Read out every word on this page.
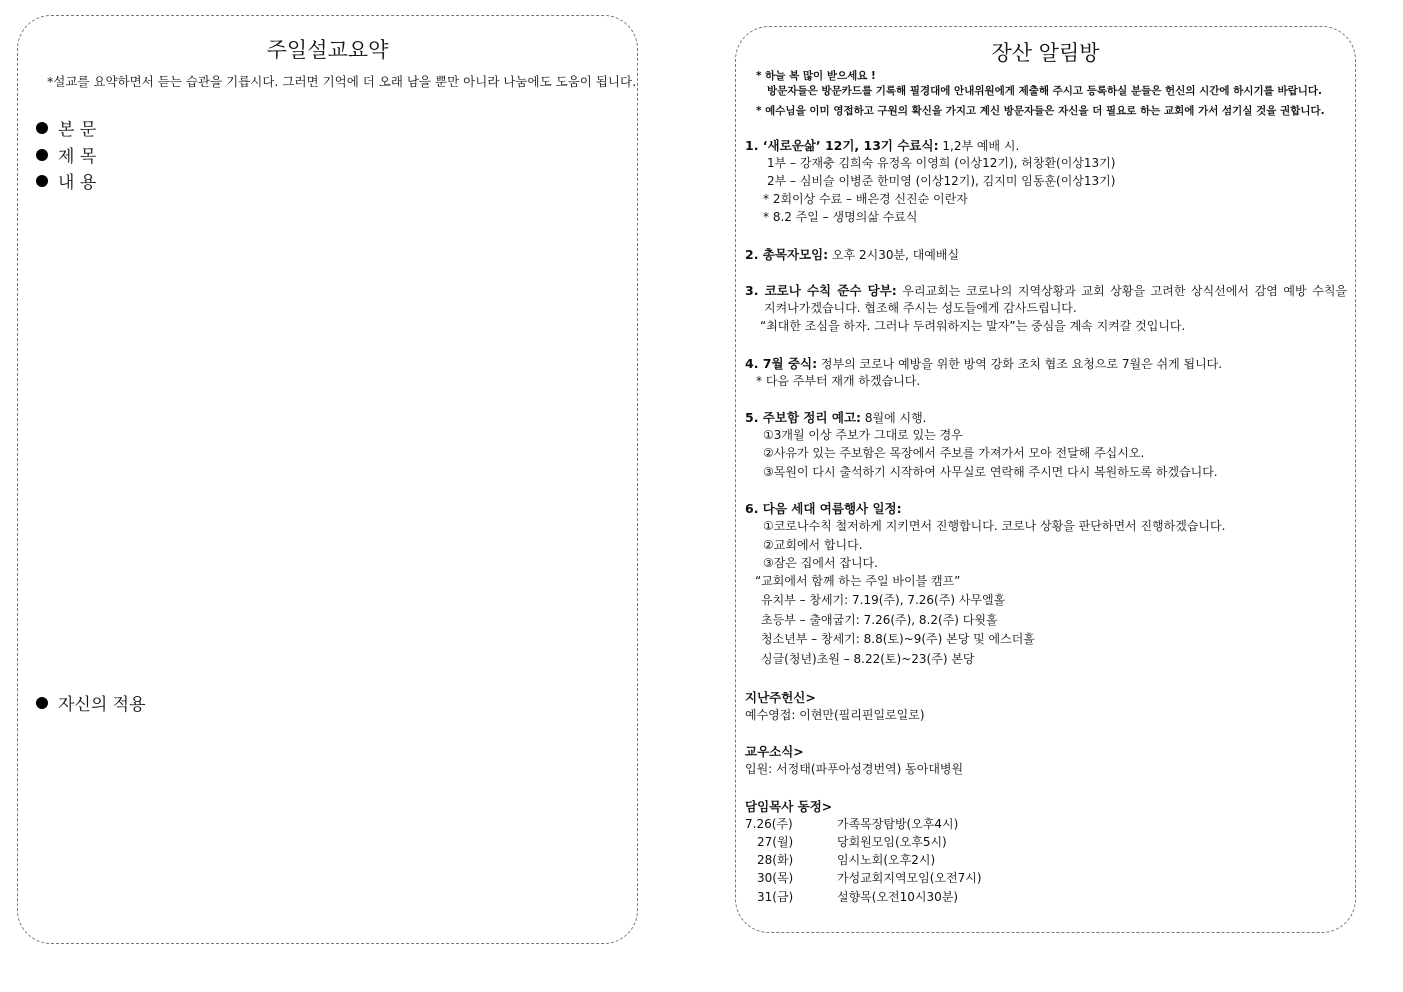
주일설교요약
*설교를 요약하면서 듣는 습관을 기릅시다. 그러면 기억에 더 오래 남을 뿐만 아니라 나눔에도 도움이 됩니다.
본 문
제 목
내 용
자신의 적용
장산 알림방
* 하늘 복 많이 받으세요 !
방문자들은 방문카드를 기록해 필경대에 안내위원에게 제출해 주시고 등록하실 분들은 헌신의 시간에 하시기를 바랍니다.
* 예수님을 이미 영접하고 구원의 확신을 가지고 계신 방문자들은 자신을 더 필요로 하는 교회에 가서 섬기실 것을 권합니다.
1. ‘새로운삶’ 12기, 13기 수료식: 1,2부 예배 시.
1부 – 강재충 김희숙 유정옥 이영희 (이상12기), 허창환(이상13기)
2부 – 심비슬 이병준 한미영 (이상12기), 김지미 임동훈(이상13기)
* 2회이상 수료 – 배은경 신진순 이란자
* 8.2 주일 – 생명의삶 수료식
2. 총목자모임: 오후 2시30분, 대예배실
3. 코로나 수칙 준수 당부: 우리교회는 코로나의 지역상황과 교회 상황을 고려한 상식선에서 감염 예방 수칙을
지켜나가겠습니다. 협조해 주시는 성도들에게 감사드립니다.
“최대한 조심을 하자. 그러나 두려워하지는 말자”는 중심을 계속 지켜갈 것입니다.
4. 7월 중식: 정부의 코로나 예방을 위한 방역 강화 조치 협조 요청으로 7월은 쉬게 됩니다.
* 다음 주부터 재개 하겠습니다.
5. 주보함 정리 예고: 8월에 시행.
①3개월 이상 주보가 그대로 있는 경우
②사유가 있는 주보함은 목장에서 주보를 가져가서 모아 전달해 주십시오.
③목원이 다시 출석하기 시작하여 사무실로 연락해 주시면 다시 복원하도록 하겠습니다.
6. 다음 세대 여름행사 일정:
①코로나수칙 철저하게 지키면서 진행합니다. 코로나 상황을 판단하면서 진행하겠습니다.
②교회에서 합니다.
③잠은 집에서 잡니다.
“교회에서 함께 하는 주일 바이블 캠프”
유치부 – 창세기: 7.19(주), 7.26(주) 사무엘홀
초등부 – 출애굽기: 7.26(주), 8.2(주) 다윗홀
청소년부 – 창세기: 8.8(토)~9(주) 본당 및 에스더홀
싱글(청년)초원 – 8.22(토)~23(주) 본당
지난주헌신>
예수영접: 이현만(필리핀일로일로)
교우소식>
입원: 서정태(파푸아성경번역) 동아대병원
담임목사 동정>
7.26(주)	가족목장탐방(오후4시)
27(월)	당회원모임(오후5시)
28(화)	임시노회(오후2시)
30(목)	가성교회지역모임(오전7시)
31(금)	설향목(오전10시30분)
